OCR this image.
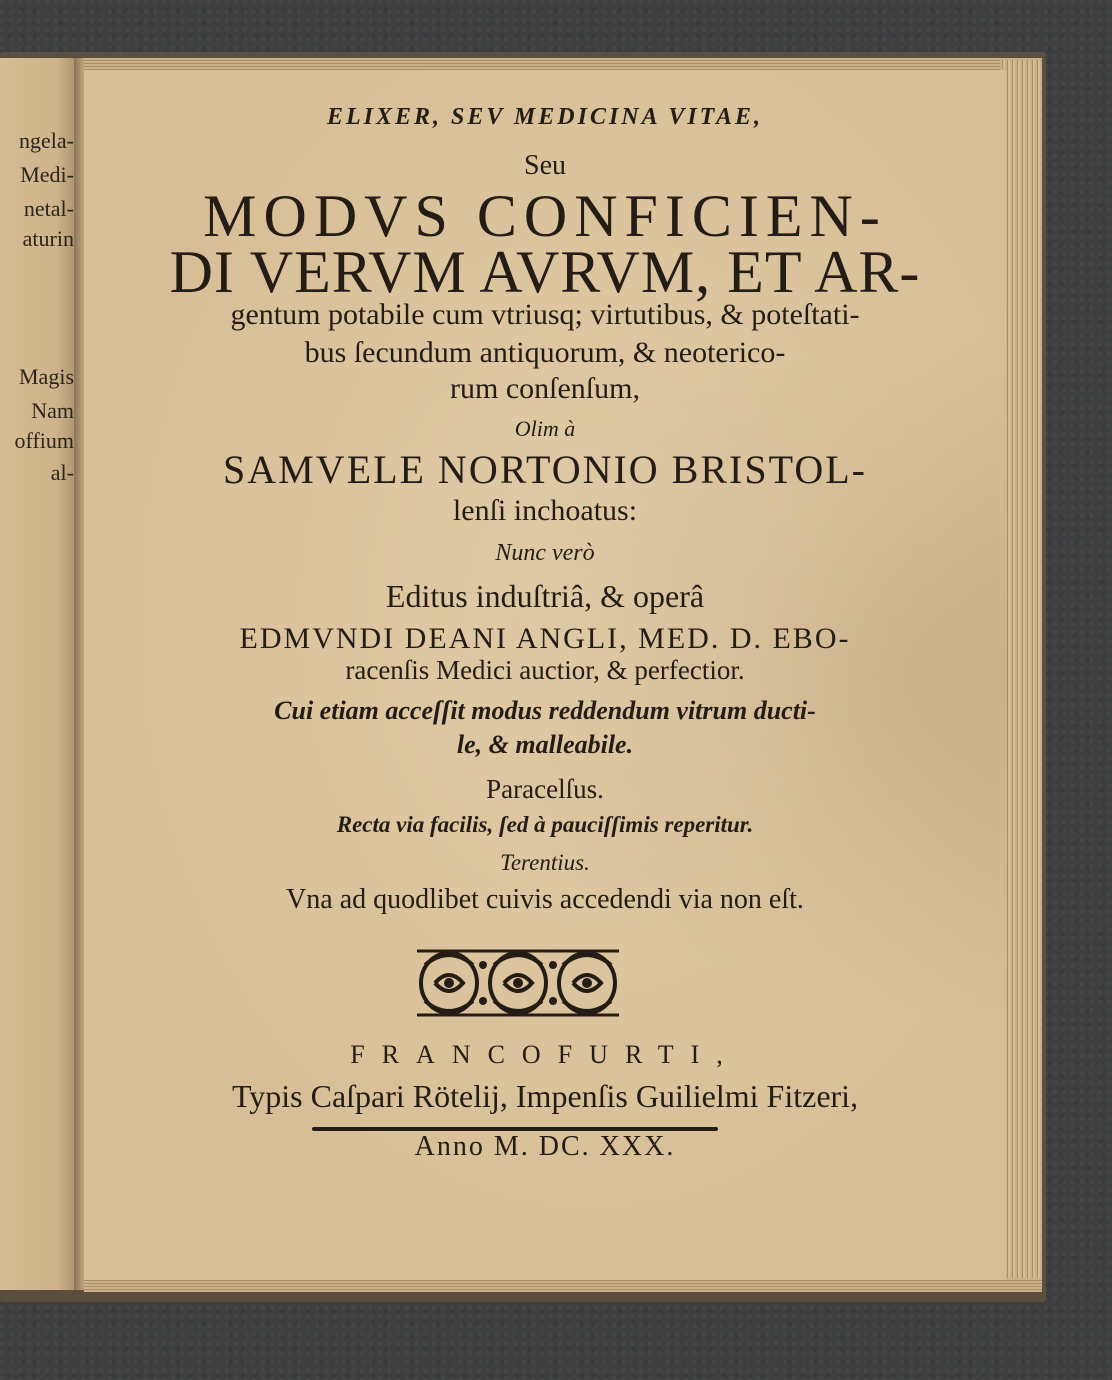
ngela-
Medi-
netal-
aturin
Magis
Nam
offium
al-
ELIXER, SEV MEDICINA VITAE,
Seu
MODVS CONFICIEN-
DI VERVM AVRVM, ET AR-
gentum potabile cum vtriusq; virtutibus, & poteſtati-
bus ſecundum antiquorum, & neoterico-
rum conſenſum,
Olim à
SAMVELE NORTONIO BRISTOL-
lenſi inchoatus:
Nunc verò
Editus induſtriâ, & operâ
EDMVNDI DEANI ANGLI, MED. D. EBO-
racenſis Medici auctior, & perfectior.
Cui etiam acceſſit modus reddendum vitrum ducti-
le, & malleabile.
Paracelſus.
Recta via facilis, ſed à pauciſſimis reperitur.
Terentius.
Vna ad quodlibet cuivis accedendi via non eſt.
FRANCOFURTI,
Typis Caſpari Rötelij, Impenſis Guilielmi Fitzeri,
Anno M. DC. XXX.
